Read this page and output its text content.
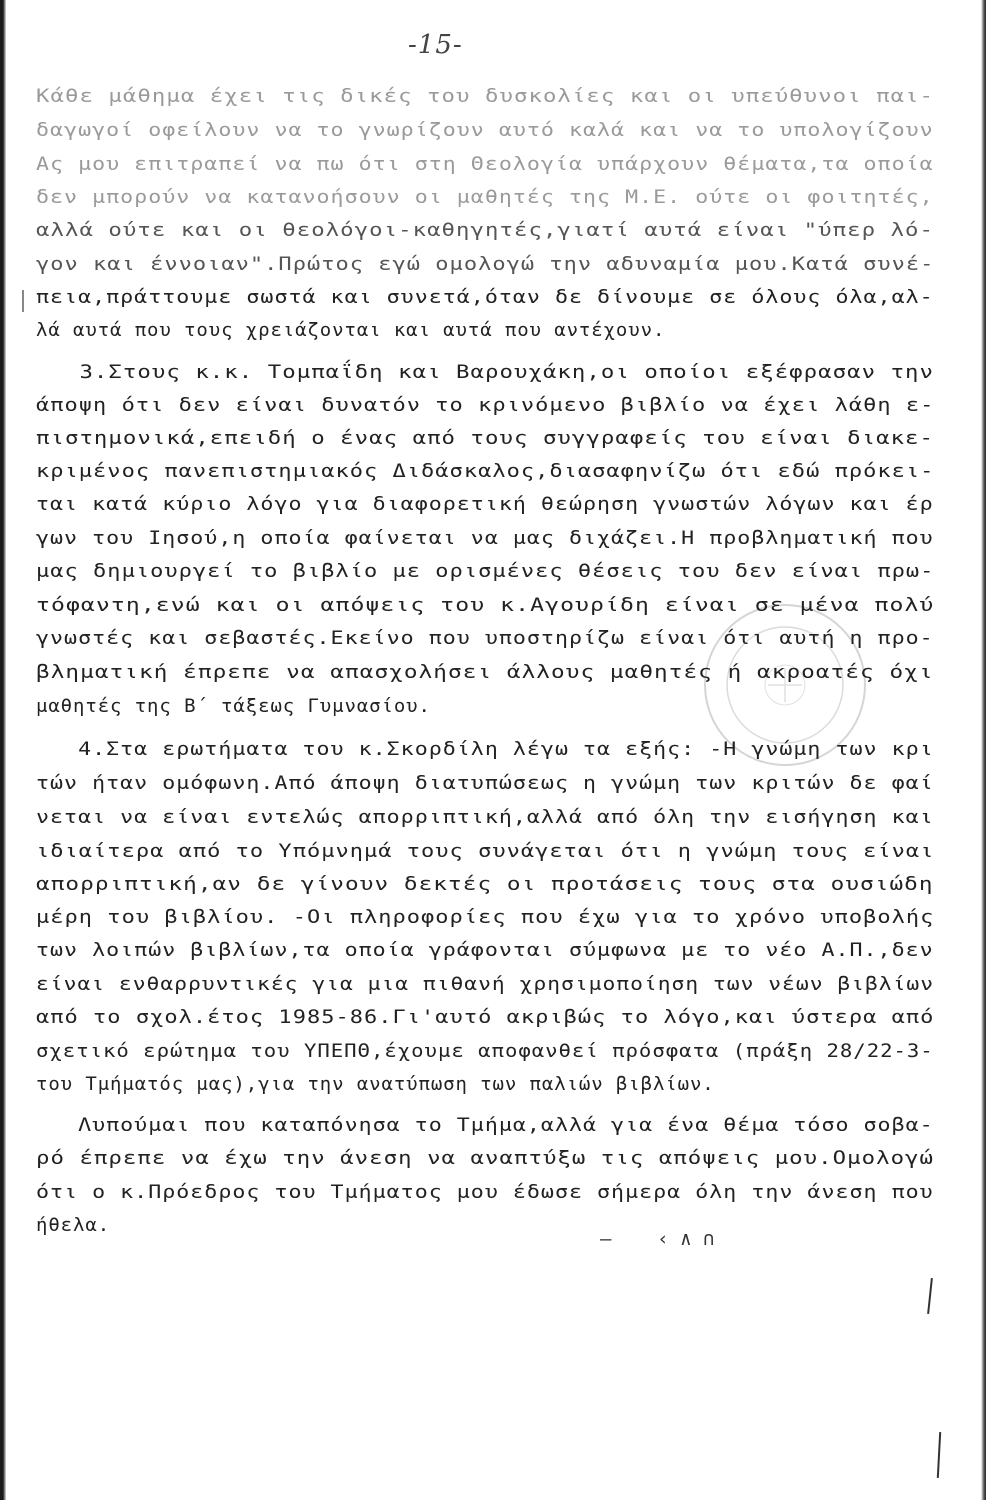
-15-
Κάθε μάθημα έχει τις δικές του δυσκολίες και οι υπεύθυνοι παι-
δαγωγοί οφείλουν να το γνωρίζουν αυτό καλά και να το υπολογίζουν
Ας μου επιτραπεί να πω ότι στη Θεολογία υπάρχουν θέματα,τα οποία
δεν μπορούν να κατανοήσουν οι μαθητές της Μ.Ε. ούτε οι φοιτητές,
αλλά ούτε και οι θεολόγοι-καθηγητές,γιατί αυτά είναι "ύπερ λό-
γον και έννοιαν".Πρώτος εγώ ομολογώ την αδυναμία μου.Κατά συνέ-
πεια,πράττουμε σωστά και συνετά,όταν δε δίνουμε σε όλους όλα,αλ-
λά αυτά που τους χρειάζονται και αυτά που αντέχουν.
3.Στους κ.κ. Τομπαΐδη και Βαρουχάκη,οι οποίοι εξέφρασαν την
άποψη ότι δεν είναι δυνατόν το κρινόμενο βιβλίο να έχει λάθη ε-
πιστημονικά,επειδή ο ένας από τους συγγραφείς του είναι διακε-
κριμένος πανεπιστημιακός Διδάσκαλος,διασαφηνίζω ότι εδώ πρόκει-
ται κατά κύριο λόγο για διαφορετική θεώρηση γνωστών λόγων και έρ
γων του Ιησού,η οποία φαίνεται να μας διχάζει.Η προβληματική που
μας δημιουργεί το βιβλίο με ορισμένες θέσεις του δεν είναι πρω-
τόφαντη,ενώ και οι απόψεις του κ.Αγουρίδη είναι σε μένα πολύ
γνωστές και σεβαστές.Εκείνο που υποστηρίζω είναι ότι αυτή η προ-
βληματική έπρεπε να απασχολήσει άλλους μαθητές ή ακροατές όχι
μαθητές της Β΄ τάξεως Γυμνασίου.
4.Στα ερωτήματα του κ.Σκορδίλη λέγω τα εξής: -Η γνώμη των κρι
τών ήταν ομόφωνη.Από άποψη διατυπώσεως η γνώμη των κριτών δε φαί
νεται να είναι εντελώς απορριπτική,αλλά από όλη την εισήγηση και
ιδιαίτερα από το Υπόμνημά τους συνάγεται ότι η γνώμη τους είναι
απορριπτική,αν δε γίνουν δεκτές οι προτάσεις τους στα ουσιώδη
μέρη του βιβλίου. -Οι πληροφορίες που έχω για το χρόνο υποβολής
των λοιπών βιβλίων,τα οποία γράφονται σύμφωνα με το νέο Α.Π.,δεν
είναι ενθαρρυντικές για μια πιθανή χρησιμοποίηση των νέων βιβλίων
από το σχολ.έτος 1985-86.Γι'αυτό ακριβώς το λόγο,και ύστερα από
σχετικό ερώτημα του ΥΠΕΠΘ,έχουμε αποφανθεί πρόσφατα (πράξη 28/22-3-
του Τμήματός μας),για την ανατύπωση των παλιών βιβλίων.
Λυπούμαι που καταπόνησα το Τμήμα,αλλά για ένα θέμα τόσο σοβα-
ρό έπρεπε να έχω την άνεση να αναπτύξω τις απόψεις μου.Ομολογώ
ότι ο κ.Πρόεδρος του Τμήματος μου έδωσε σήμερα όλη την άνεση που
ήθελα.
—    ‹ ∧ ∩
